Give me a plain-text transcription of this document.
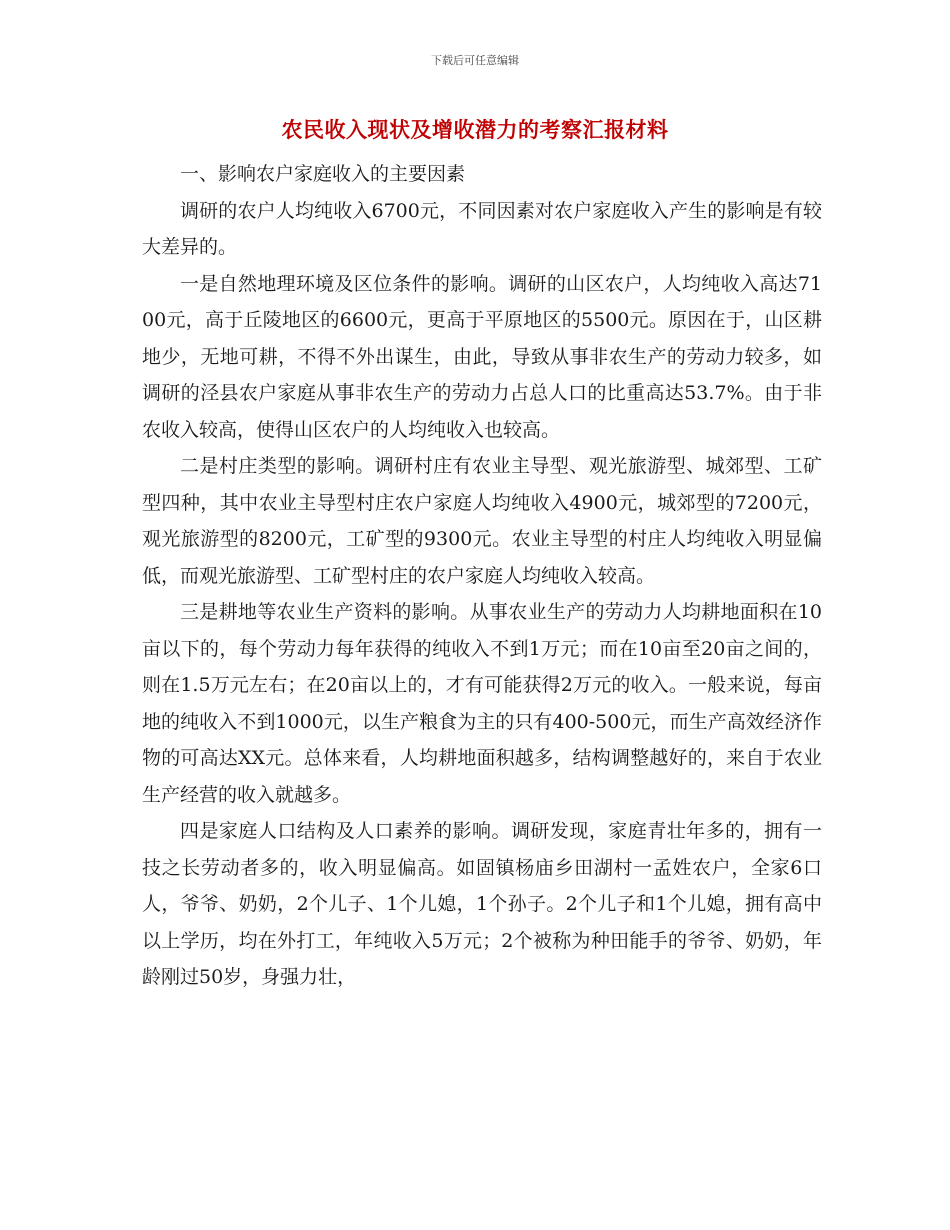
下载后可任意编辑
农民收入现状及增收潜力的考察汇报材料

一、影响农户家庭收入的主要因素

调研的农户人均纯收入6700元，不同因素对农户家庭收入产生的影响是有较大差异的。

一是自然地理环境及区位条件的影响。调研的山区农户，人均纯收入高达7100元，高于丘陵地区的6600元，更高于平原地区的5500元。原因在于，山区耕地少，无地可耕，不得不外出谋生，由此，导致从事非农生产的劳动力较多，如调研的泾县农户家庭从事非农生产的劳动力占总人口的比重高达53.7%。由于非农收入较高，使得山区农户的人均纯收入也较高。

二是村庄类型的影响。调研村庄有农业主导型、观光旅游型、城郊型、工矿型四种，其中农业主导型村庄农户家庭人均纯收入4900元，城郊型的7200元，观光旅游型的8200元，工矿型的9300元。农业主导型的村庄人均纯收入明显偏低，而观光旅游型、工矿型村庄的农户家庭人均纯收入较高。

三是耕地等农业生产资料的影响。从事农业生产的劳动力人均耕地面积在10亩以下的，每个劳动力每年获得的纯收入不到1万元；而在10亩至20亩之间的，则在1.5万元左右；在20亩以上的，才有可能获得2万元的收入。一般来说，每亩地的纯收入不到1000元，以生产粮食为主的只有400-500元，而生产高效经济作物的可高达XX元。总体来看，人均耕地面积越多，结构调整越好的，来自于农业生产经营的收入就越多。

四是家庭人口结构及人口素养的影响。调研发现，家庭青壮年多的，拥有一技之长劳动者多的，收入明显偏高。如固镇杨庙乡田湖村一孟姓农户，全家6口人，爷爷、奶奶，2个儿子、1个儿媳，1个孙子。2个儿子和1个儿媳，拥有高中以上学历，均在外打工，年纯收入5万元；2个被称为种田能手的爷爷、奶奶，年龄刚过50岁，身强力壮，
